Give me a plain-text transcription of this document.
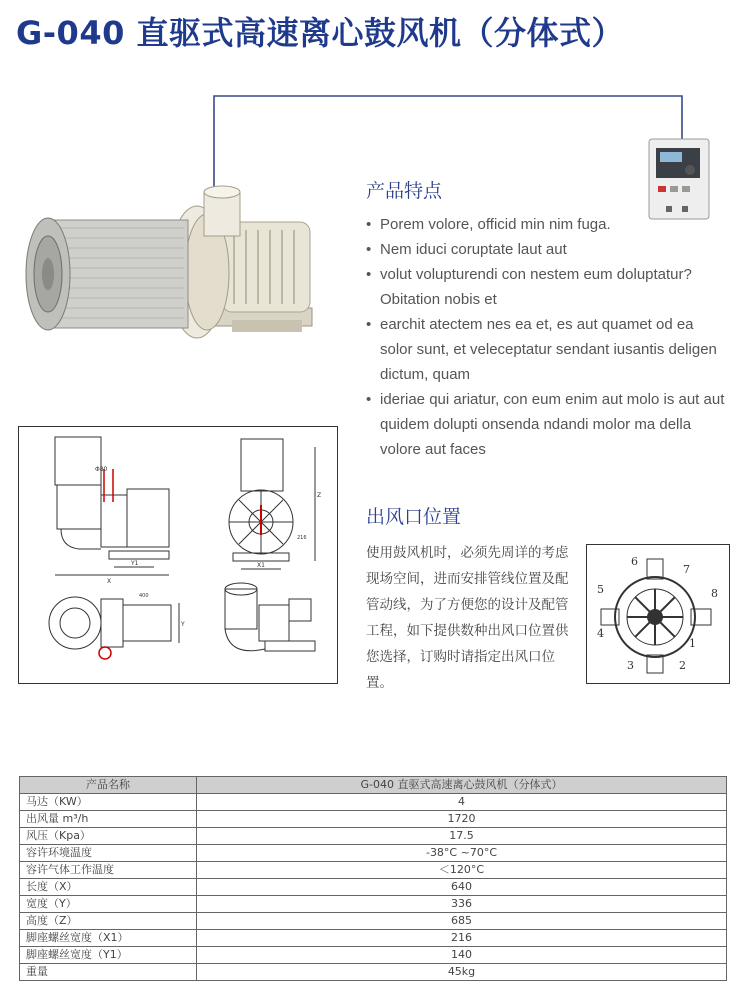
G-040 直驱式高速离心鼓风机（分体式）
产品特点
• Porem volore, officid min nim fuga.
• Nem iduci coruptate laut aut
• volut volupturendi con nestem eum doluptatur? Obitation nobis et
• earchit atectem nes ea et, es aut quamet od ea solor sunt, et veleceptatur sendant iusantis deligen dictum, quam
• ideriae qui ariatur, con eum enim aut molo is aut aut quidem dolupti onsenda ndandi molor ma della volore aut faces
Φ80
Y1
X
X1
Z
216
Y
400
出风口位置

使用鼓风机时，必须先周详的考虑现场空间，进而安排管线位置及配管动线，为了方便您的设计及配管工程，如下提供数种出风口位置供您选择，订购时请指定出风口位置。

1
2
3
4
5
6
7
8
产品名称	G-040 直驱式高速离心鼓风机（分体式）
马达（KW）	4
出风量 m³/h	1720
风压（Kpa）	17.5
容许环境温度	-38°C ~70°C
容许气体工作温度	＜120°C
长度（X）	640
宽度（Y）	336
高度（Z）	685
脚座螺丝宽度（X1）	216
脚座螺丝宽度（Y1）	140
重量	45kg
